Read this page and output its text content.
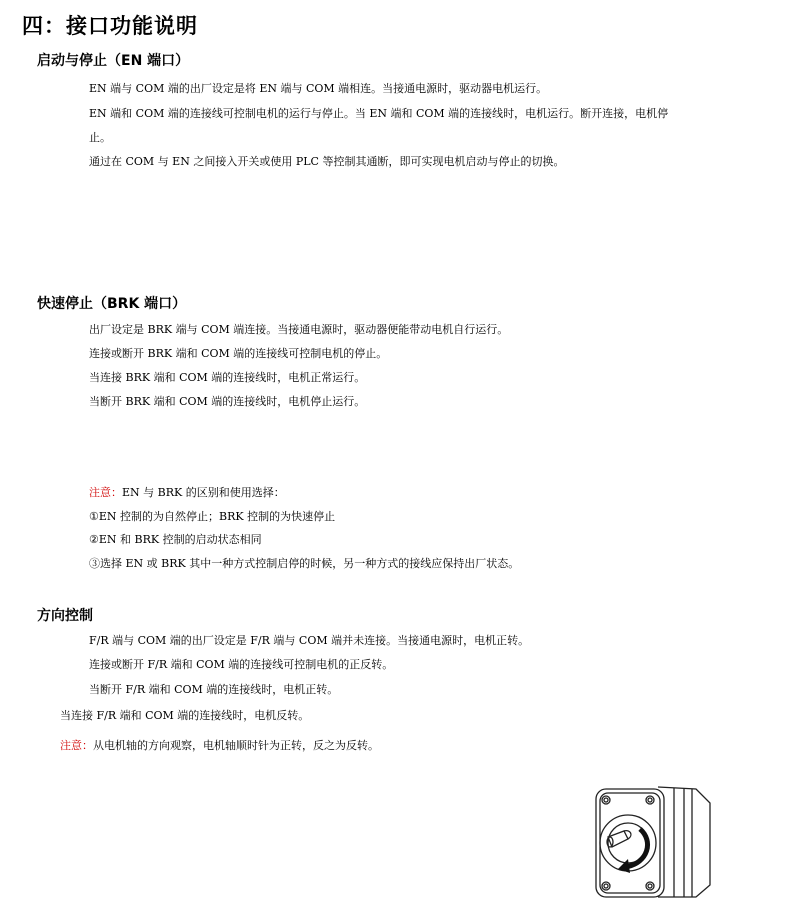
四：接口功能说明
启动与停止（EN 端口）
EN 端与 COM 端的出厂设定是将 EN 端与 COM 端相连。当接通电源时，驱动器电机运行。
EN 端和 COM 端的连接线可控制电机的运行与停止。当 EN 端和 COM 端的连接线时，电机运行。断开连接，电机停
止。
通过在 COM 与 EN 之间接入开关或使用 PLC 等控制其通断，即可实现电机启动与停止的切换。
快速停止（BRK 端口）
出厂设定是 BRK 端与 COM 端连接。当接通电源时，驱动器便能带动电机自行运行。
连接或断开 BRK 端和 COM 端的连接线可控制电机的停止。
当连接 BRK 端和 COM 端的连接线时，电机正常运行。
当断开 BRK 端和 COM 端的连接线时，电机停止运行。
注意：EN 与 BRK 的区别和使用选择：
①EN 控制的为自然停止；BRK 控制的为快速停止
②EN 和 BRK 控制的启动状态相同
③选择 EN 或 BRK 其中一种方式控制启停的时候，另一种方式的接线应保持出厂状态。
方向控制
F/R 端与 COM 端的出厂设定是 F/R 端与 COM 端并未连接。当接通电源时，电机正转。
连接或断开 F/R 端和 COM 端的连接线可控制电机的正反转。
当断开 F/R 端和 COM 端的连接线时，电机正转。
当连接 F/R 端和 COM 端的连接线时，电机反转。
注意：从电机轴的方向观察，电机轴顺时针为正转，反之为反转。
